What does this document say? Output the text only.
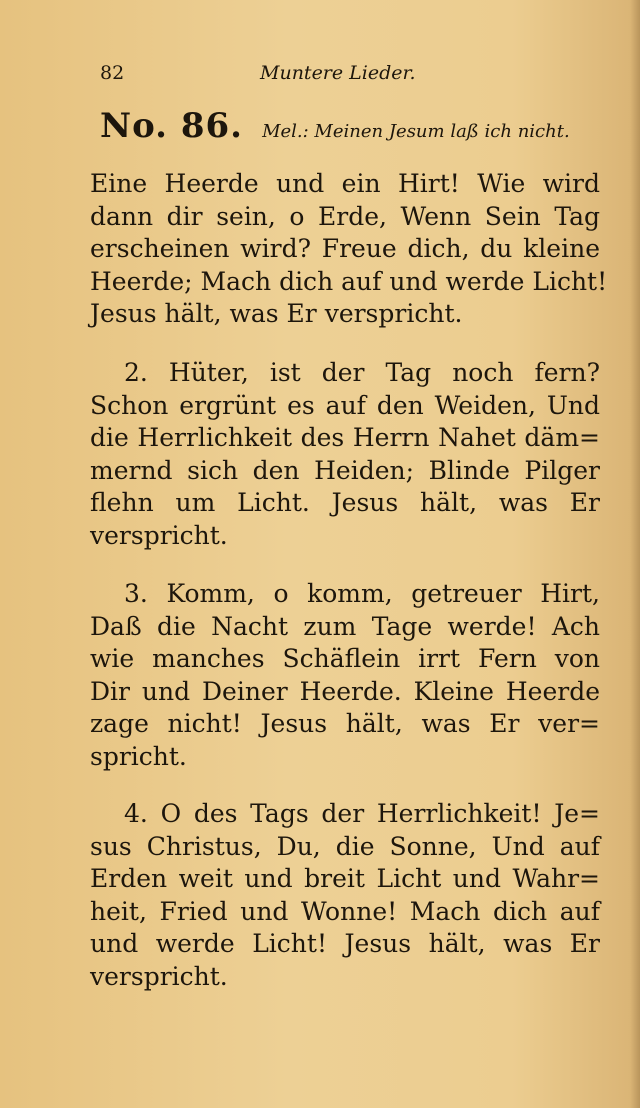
82	Muntere Lieder.
No. 86. Mel.: Meinen Jesum laß ich nicht.
Eine Heerde und ein Hirt! Wie wird
dann dir sein, o Erde, Wenn Sein Tag
erscheinen wird? Freue dich, du kleine
Heerde; Mach dich auf und werde Licht!
Jesus hält, was Er verspricht.
2. Hüter, ist der Tag noch fern?
Schon ergrünt es auf den Weiden, Und
die Herrlichkeit des Herrn Nahet däm=
mernd sich den Heiden; Blinde Pilger
flehn um Licht. Jesus hält, was Er
verspricht.
3. Komm, o komm, getreuer Hirt,
Daß die Nacht zum Tage werde! Ach
wie manches Schäflein irrt Fern von
Dir und Deiner Heerde. Kleine Heerde
zage nicht! Jesus hält, was Er ver=
spricht.
4. O des Tags der Herrlichkeit! Je=
sus Christus, Du, die Sonne, Und auf
Erden weit und breit Licht und Wahr=
heit, Fried und Wonne! Mach dich auf
und werde Licht! Jesus hält, was Er
verspricht.
